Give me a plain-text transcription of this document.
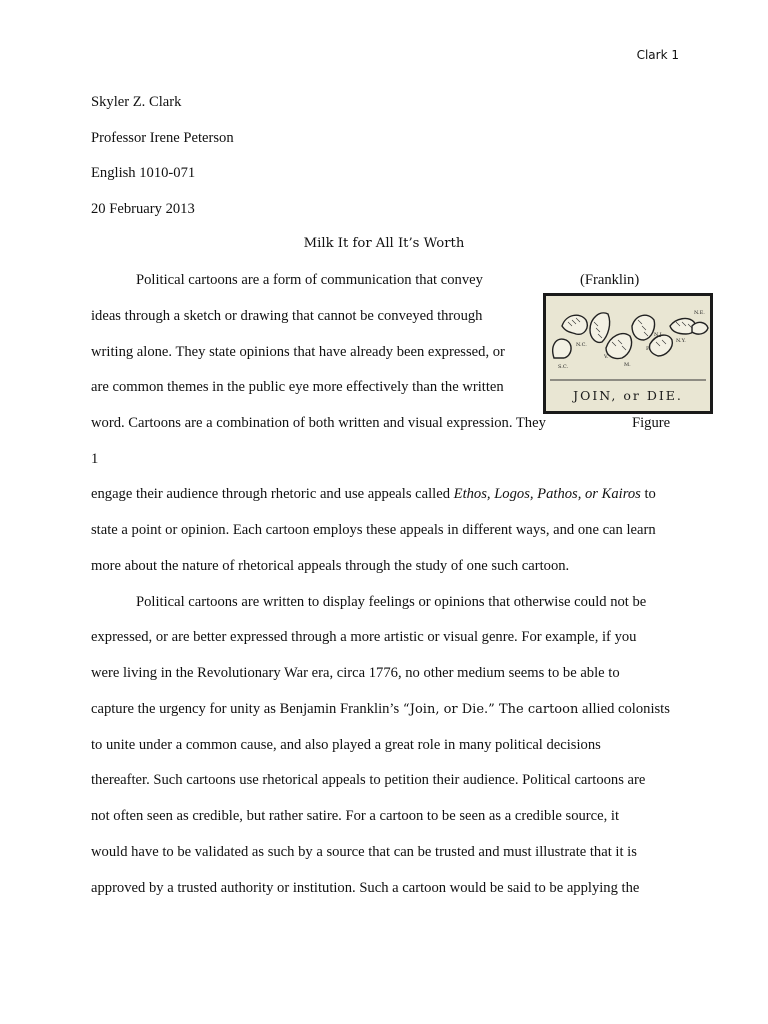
Clark 1
Skyler Z. Clark
Professor Irene Peterson
English 1010-071
20 February 2013
Milk It for All It’s Worth
Political cartoons are a form of communication that convey	(Franklin)
ideas through a sketch or drawing that cannot be conveyed through
writing alone. They state opinions that have already been expressed, or
are common themes in the public eye more effectively than the written
word. Cartoons are a combination of both written and visual expression. They	Figure
1
engage their audience through rhetoric and use appeals called Ethos, Logos, Pathos, or Kairos to
state a point or opinion. Each cartoon employs these appeals in different ways, and one can learn
more about the nature of rhetorical appeals through the study of one such cartoon.
Political cartoons are written to display feelings or opinions that otherwise could not be
expressed, or are better expressed through a more artistic or visual genre. For example, if you
were living in the Revolutionary War era, circa 1776, no other medium seems to be able to
capture the urgency for unity as Benjamin Franklin’s “Join, or Die.” The cartoon allied colonists
to unite under a common cause, and also played a great role in many political decisions
thereafter. Such cartoons use rhetorical appeals to petition their audience. Political cartoons are
not often seen as credible, but rather satire. For a cartoon to be seen as a credible source, it
would have to be validated as such by a source that can be trusted and must illustrate that it is
approved by a trusted authority or institution. Such a cartoon would be said to be applying the
N.E.
N.Y.
N.J.
P.
M.
V.
N.C.
S.C.
JOIN, or DIE.
